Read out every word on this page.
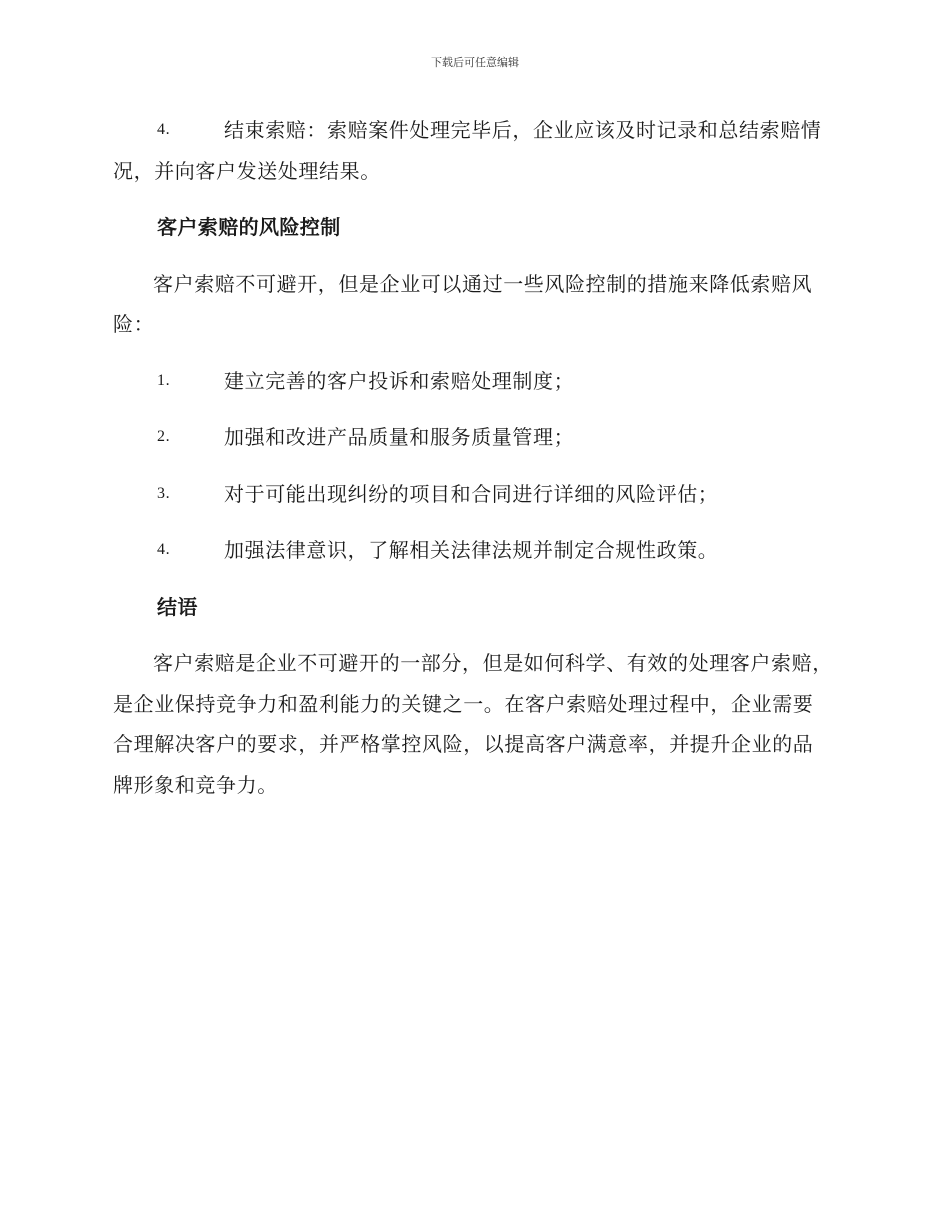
下载后可任意编辑
4.	结束索赔：索赔案件处理完毕后，企业应该及时记录和总结索赔情况，并向客户发送处理结果。
客户索赔的风险控制

客户索赔不可避开，但是企业可以通过一些风险控制的措施来降低索赔风险：

1.	建立完善的客户投诉和索赔处理制度；
2.	加强和改进产品质量和服务质量管理；
3.	对于可能出现纠纷的项目和合同进行详细的风险评估；
4.	加强法律意识，了解相关法律法规并制定合规性政策。
结语

客户索赔是企业不可避开的一部分，但是如何科学、有效的处理客户索赔，是企业保持竞争力和盈利能力的关键之一。在客户索赔处理过程中，企业需要合理解决客户的要求，并严格掌控风险，以提高客户满意率，并提升企业的品牌形象和竞争力。
